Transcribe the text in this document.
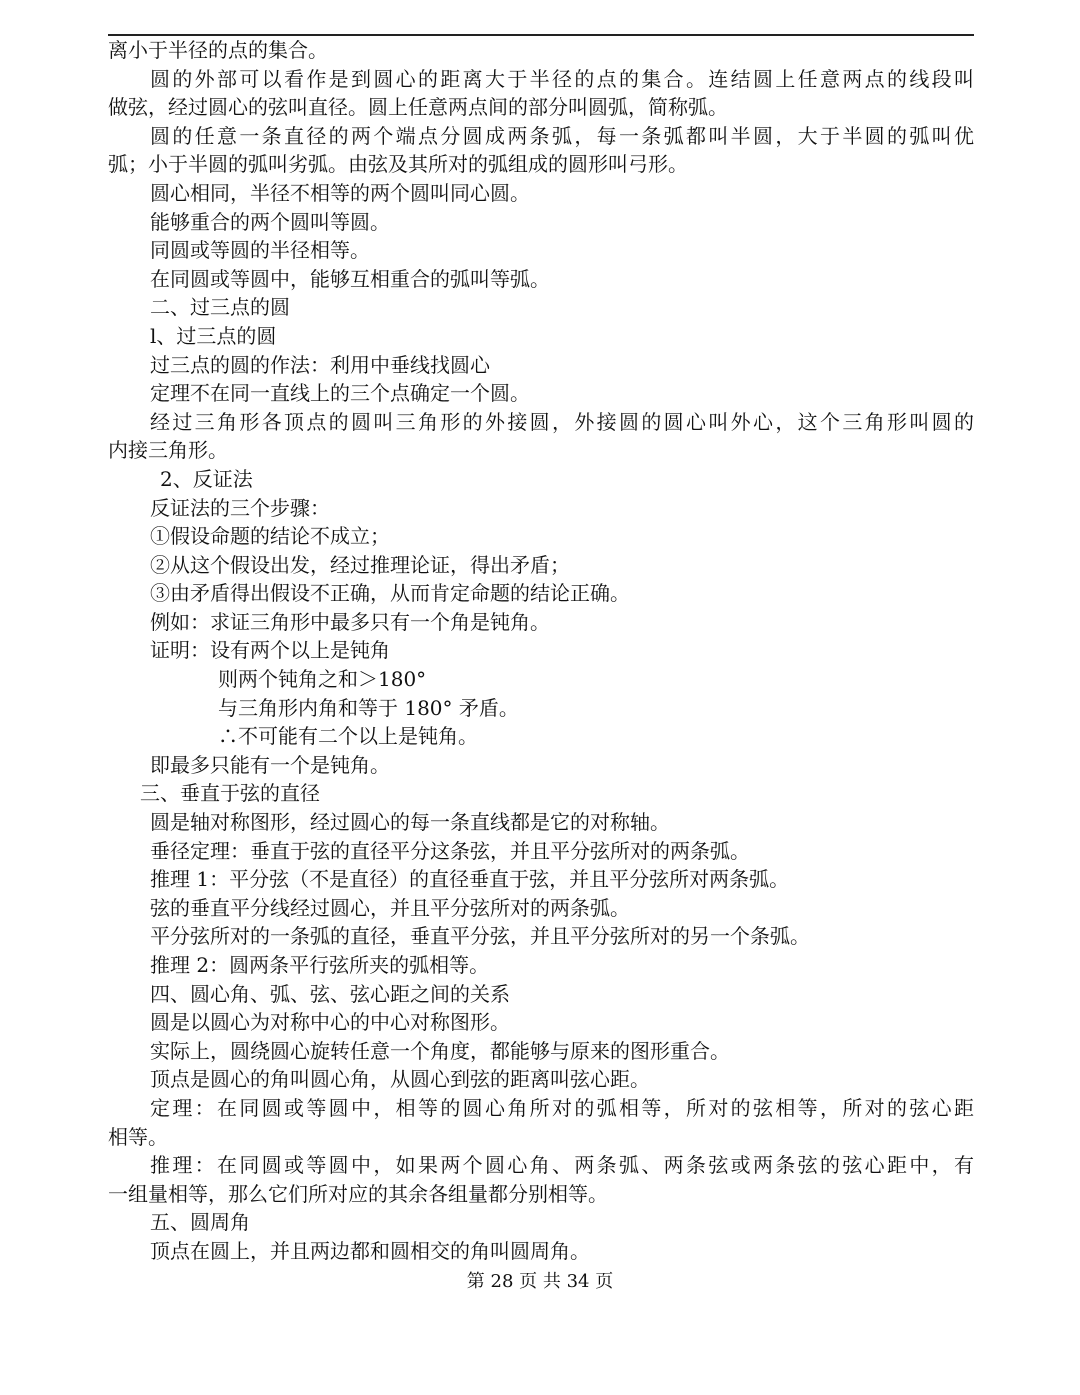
离小于半径的点的集合。
圆的外部可以看作是到圆心的距离大于半径的点的集合。连结圆上任意两点的线段叫
做弦，经过圆心的弦叫直径。圆上任意两点间的部分叫圆弧，简称弧。
圆的任意一条直径的两个端点分圆成两条弧，每一条弧都叫半圆，大于半圆的弧叫优
弧；小于半圆的弧叫劣弧。由弦及其所对的弧组成的圆形叫弓形。
圆心相同，半径不相等的两个圆叫同心圆。
能够重合的两个圆叫等圆。
同圆或等圆的半径相等。
在同圆或等圆中，能够互相重合的弧叫等弧。
二、过三点的圆
l、过三点的圆
过三点的圆的作法：利用中垂线找圆心
定理不在同一直线上的三个点确定一个圆。
经过三角形各顶点的圆叫三角形的外接圆，外接圆的圆心叫外心，这个三角形叫圆的
内接三角形。
2、反证法
反证法的三个步骤：
①假设命题的结论不成立；
②从这个假设出发，经过推理论证，得出矛盾；
③由矛盾得出假设不正确，从而肯定命题的结论正确。
例如：求证三角形中最多只有一个角是钝角。
证明：设有两个以上是钝角
则两个钝角之和＞180°
与三角形内角和等于 180° 矛盾。
∴不可能有二个以上是钝角。
即最多只能有一个是钝角。
三、垂直于弦的直径
圆是轴对称图形，经过圆心的每一条直线都是它的对称轴。
垂径定理：垂直于弦的直径平分这条弦，并且平分弦所对的两条弧。
推理 1：平分弦（不是直径）的直径垂直于弦，并且平分弦所对两条弧。
弦的垂直平分线经过圆心，并且平分弦所对的两条弧。
平分弦所对的一条弧的直径，垂直平分弦，并且平分弦所对的另一个条弧。
推理 2：圆两条平行弦所夹的弧相等。
四、圆心角、弧、弦、弦心距之间的关系
圆是以圆心为对称中心的中心对称图形。
实际上，圆绕圆心旋转任意一个角度，都能够与原来的图形重合。
顶点是圆心的角叫圆心角，从圆心到弦的距离叫弦心距。
定理：在同圆或等圆中，相等的圆心角所对的弧相等，所对的弦相等，所对的弦心距
相等。
推理：在同圆或等圆中，如果两个圆心角、两条弧、两条弦或两条弦的弦心距中，有
一组量相等，那么它们所对应的其余各组量都分别相等。
五、圆周角
顶点在圆上，并且两边都和圆相交的角叫圆周角。
第 28 页 共 34 页
